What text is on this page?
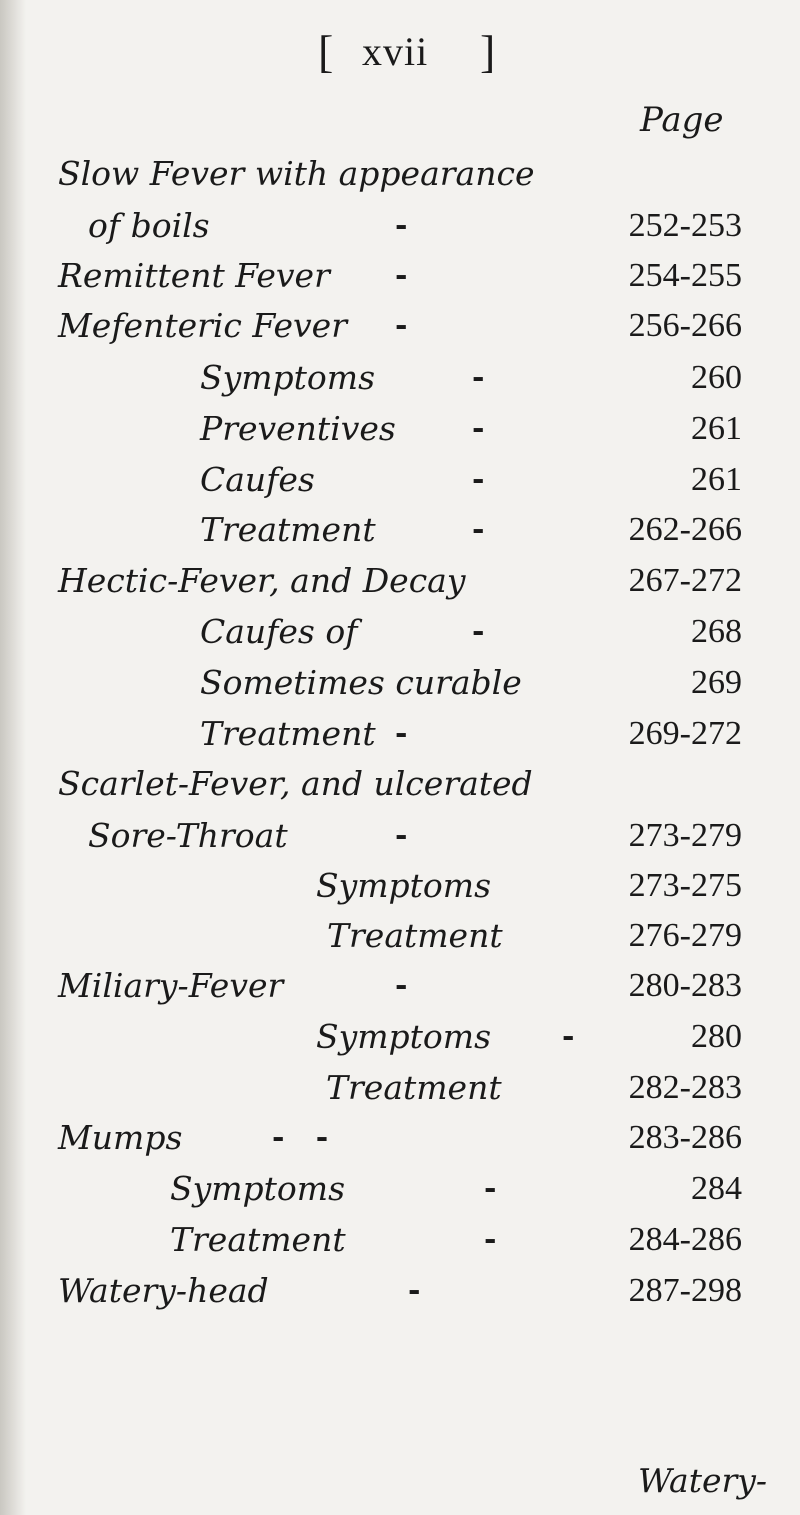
[ xvii ]
Page
Slow Fever with appearance
of boils	-	252-253
Remittent Fever -	254-255
Mefenteric Fever -	256-266
Symptoms	-	260
Preventives	-	261
Caufes	-	261
Treatment	-	262-266
Hectic-Fever, and Decay	267-272
Caufes of	-	268
Sometimes curable	269
Treatment -	269-272
Scarlet-Fever, and ulcerated
Sore-Throat	-	273-279
Symptoms	273-275
Treatment	276-279
Miliary-Fever	-	280-283
Symptoms -	280
Treatment	282-283
Mumps	-   -	283-286
Symptoms	-	284
Treatment	-	284-286
Watery-head	-	287-298
Watery-
